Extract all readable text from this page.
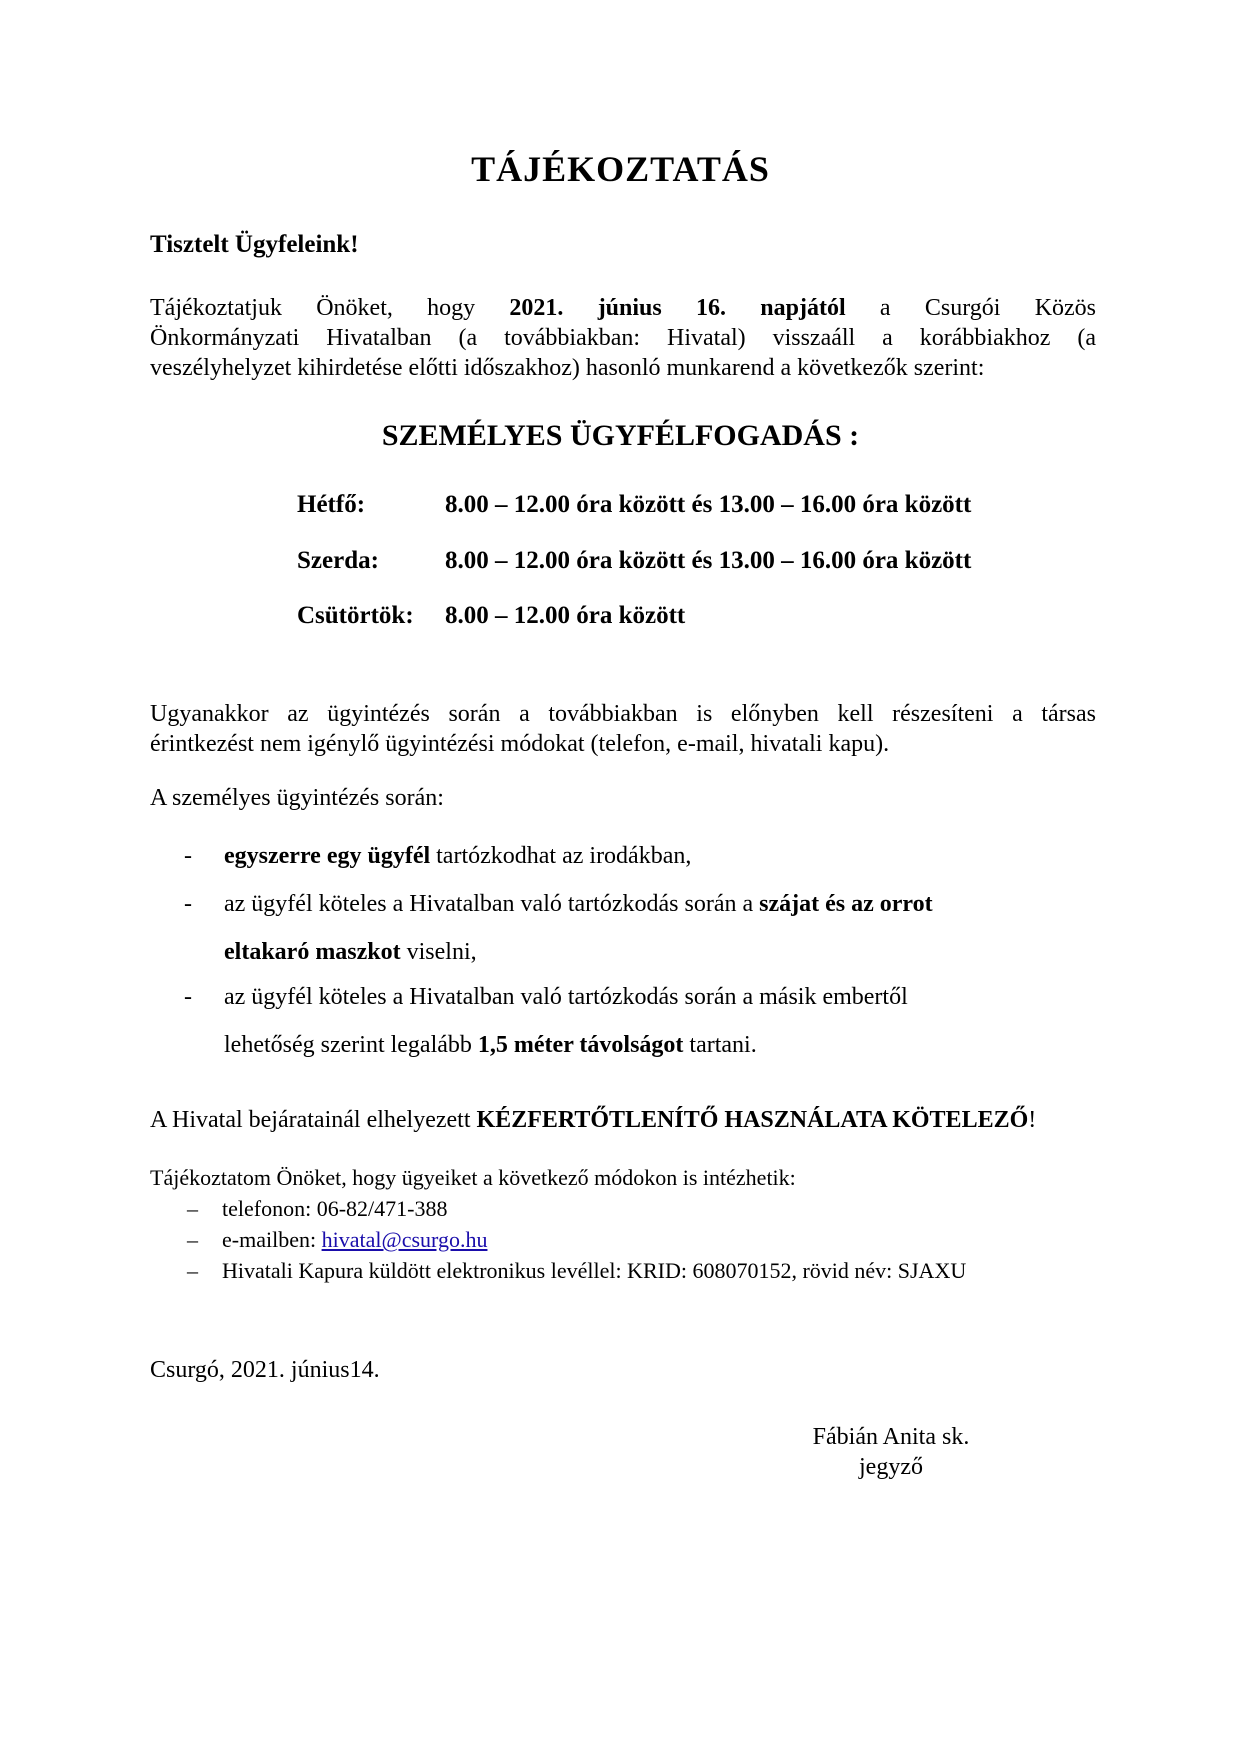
TÁJÉKOZTATÁS
Tisztelt Ügyfeleink!
Tájékoztatjuk Önöket, hogy 2021. június 16. napjától a Csurgói Közös
Önkormányzati Hivatalban (a továbbiakban: Hivatal) visszaáll a korábbiakhoz (a
veszélyhelyzet kihirdetése előtti időszakhoz) hasonló munkarend a következők szerint:
SZEMÉLYES ÜGYFÉLFOGADÁS :
Hétfő:	8.00 – 12.00 óra között és 13.00 – 16.00 óra között
Szerda:	8.00 – 12.00 óra között és 13.00 – 16.00 óra között
Csütörtök: 8.00 – 12.00 óra között
Ugyanakkor az ügyintézés során a továbbiakban is előnyben kell részesíteni a társas
érintkezést nem igénylő ügyintézési módokat (telefon, e-mail, hivatali kapu).
A személyes ügyintézés során:
- egyszerre egy ügyfél tartózkodhat az irodákban,
- az ügyfél köteles a Hivatalban való tartózkodás során a szájat és az orrot
eltakaró maszkot viselni,
- az ügyfél köteles a Hivatalban való tartózkodás során a másik embertől
lehetőség szerint legalább 1,5 méter távolságot tartani.
A Hivatal bejáratainál elhelyezett KÉZFERTŐTLENÍTŐ HASZNÁLATA KÖTELEZŐ!
Tájékoztatom Önöket, hogy ügyeiket a következő módokon is intézhetik:
– telefonon: 06-82/471-388
– e-mailben: hivatal@csurgo.hu
– Hivatali Kapura küldött elektronikus levéllel: KRID: 608070152, rövid név: SJAXU
Csurgó, 2021. június14.
Fábián Anita sk.
jegyző
